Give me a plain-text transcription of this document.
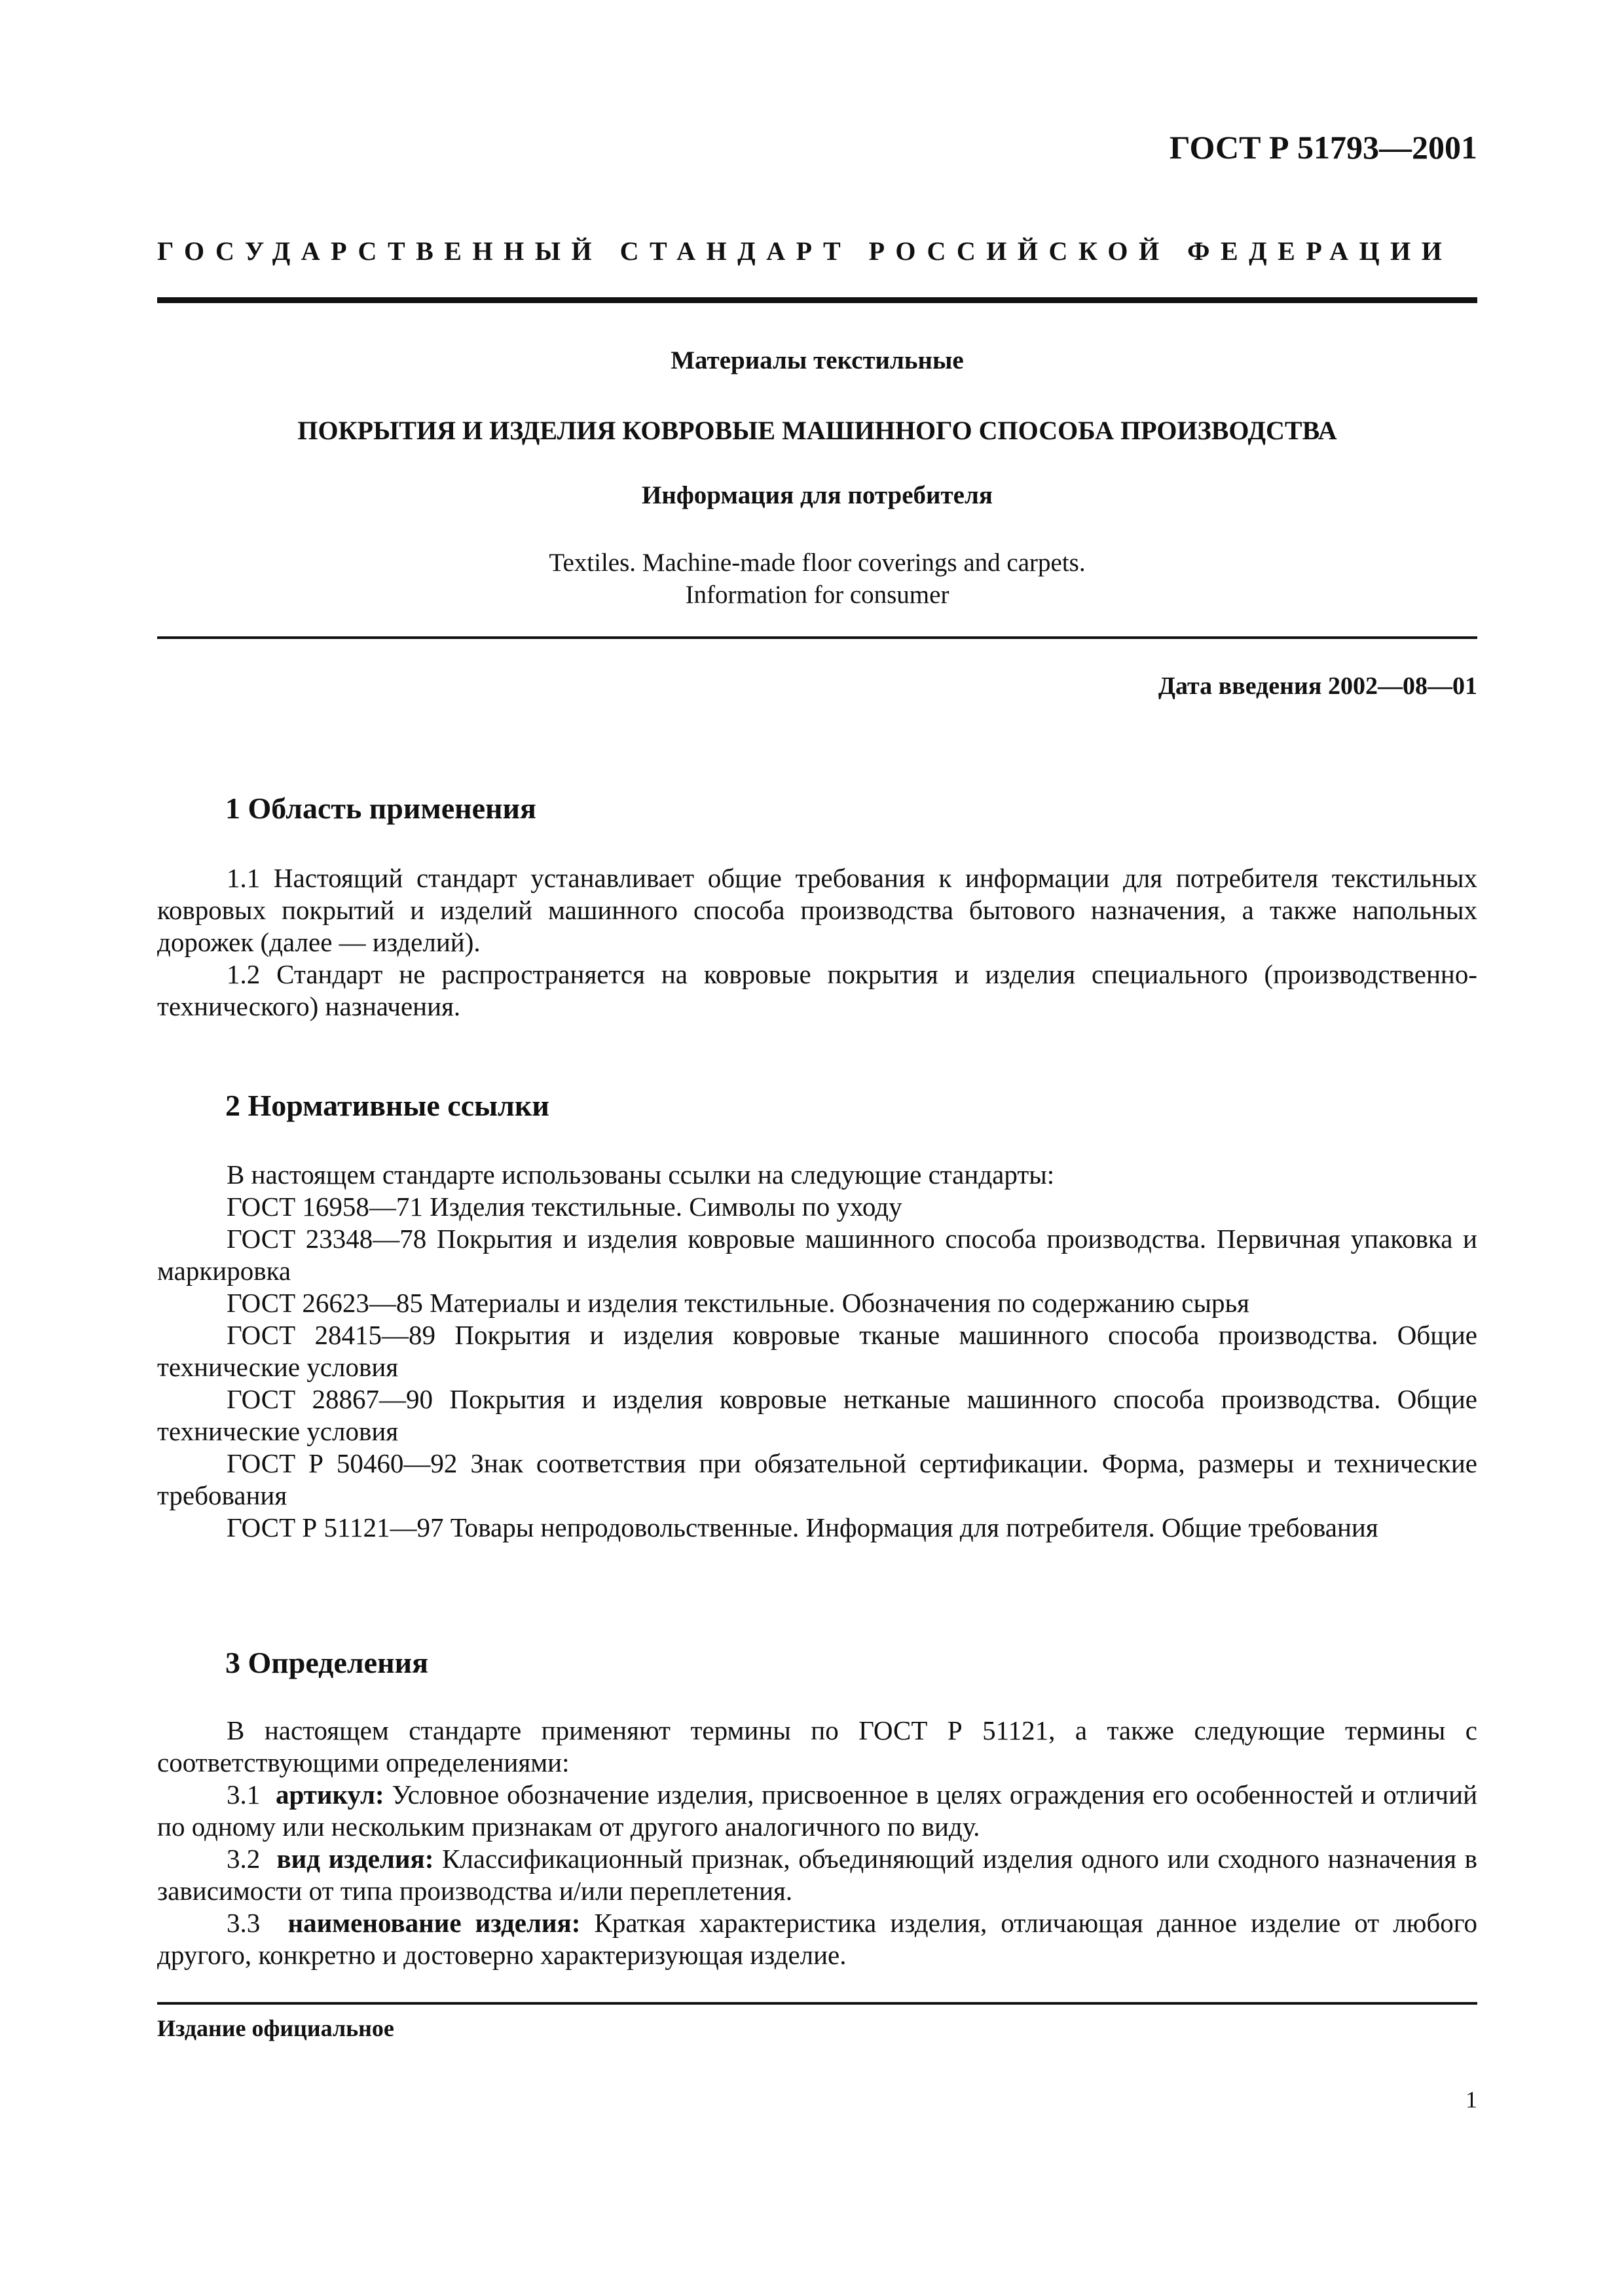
ГОСТ Р 51793—2001
ГОСУДАРСТВЕННЫЙ СТАНДАРТ РОССИЙСКОЙ ФЕДЕРАЦИИ
Материалы текстильные
ПОКРЫТИЯ И ИЗДЕЛИЯ КОВРОВЫЕ МАШИННОГО СПОСОБА ПРОИЗВОДСТВА
Информация для потребителя
Textiles. Machine-made floor coverings and carpets.
Information for consumer
Дата введения 2002—08—01
1 Область применения

1.1 Настоящий стандарт устанавливает общие требования к информации для потребителя текстильных ковровых покрытий и изделий машинного способа производства бытового назначения, а также напольных дорожек (далее — изделий).

1.2 Стандарт не распространяется на ковровые покрытия и изделия специального (производственно-технического) назначения.

2 Нормативные ссылки

В настоящем стандарте использованы ссылки на следующие стандарты:

ГОСТ 16958—71 Изделия текстильные. Символы по уходу

ГОСТ 23348—78 Покрытия и изделия ковровые машинного способа производства. Первичная упаковка и маркировка

ГОСТ 26623—85 Материалы и изделия текстильные. Обозначения по содержанию сырья

ГОСТ 28415—89 Покрытия и изделия ковровые тканые машинного способа производства. Общие технические условия

ГОСТ 28867—90 Покрытия и изделия ковровые нетканые машинного способа производства. Общие технические условия

ГОСТ Р 50460—92 Знак соответствия при обязательной сертификации. Форма, размеры и технические требования

ГОСТ Р 51121—97 Товары непродовольственные. Информация для потребителя. Общие требования

3 Определения

В настоящем стандарте применяют термины по ГОСТ Р 51121, а также следующие термины с соответствующими определениями:

3.1 артикул: Условное обозначение изделия, присвоенное в целях ограждения его особенностей и отличий по одному или нескольким признакам от другого аналогичного по виду.

3.2 вид изделия: Классификационный признак, объединяющий изделия одного или сходного назначения в зависимости от типа производства и/или переплетения.

3.3 наименование изделия: Краткая характеристика изделия, отличающая данное изделие от любого другого, конкретно и достоверно характеризующая изделие.

Издание официальное
1
